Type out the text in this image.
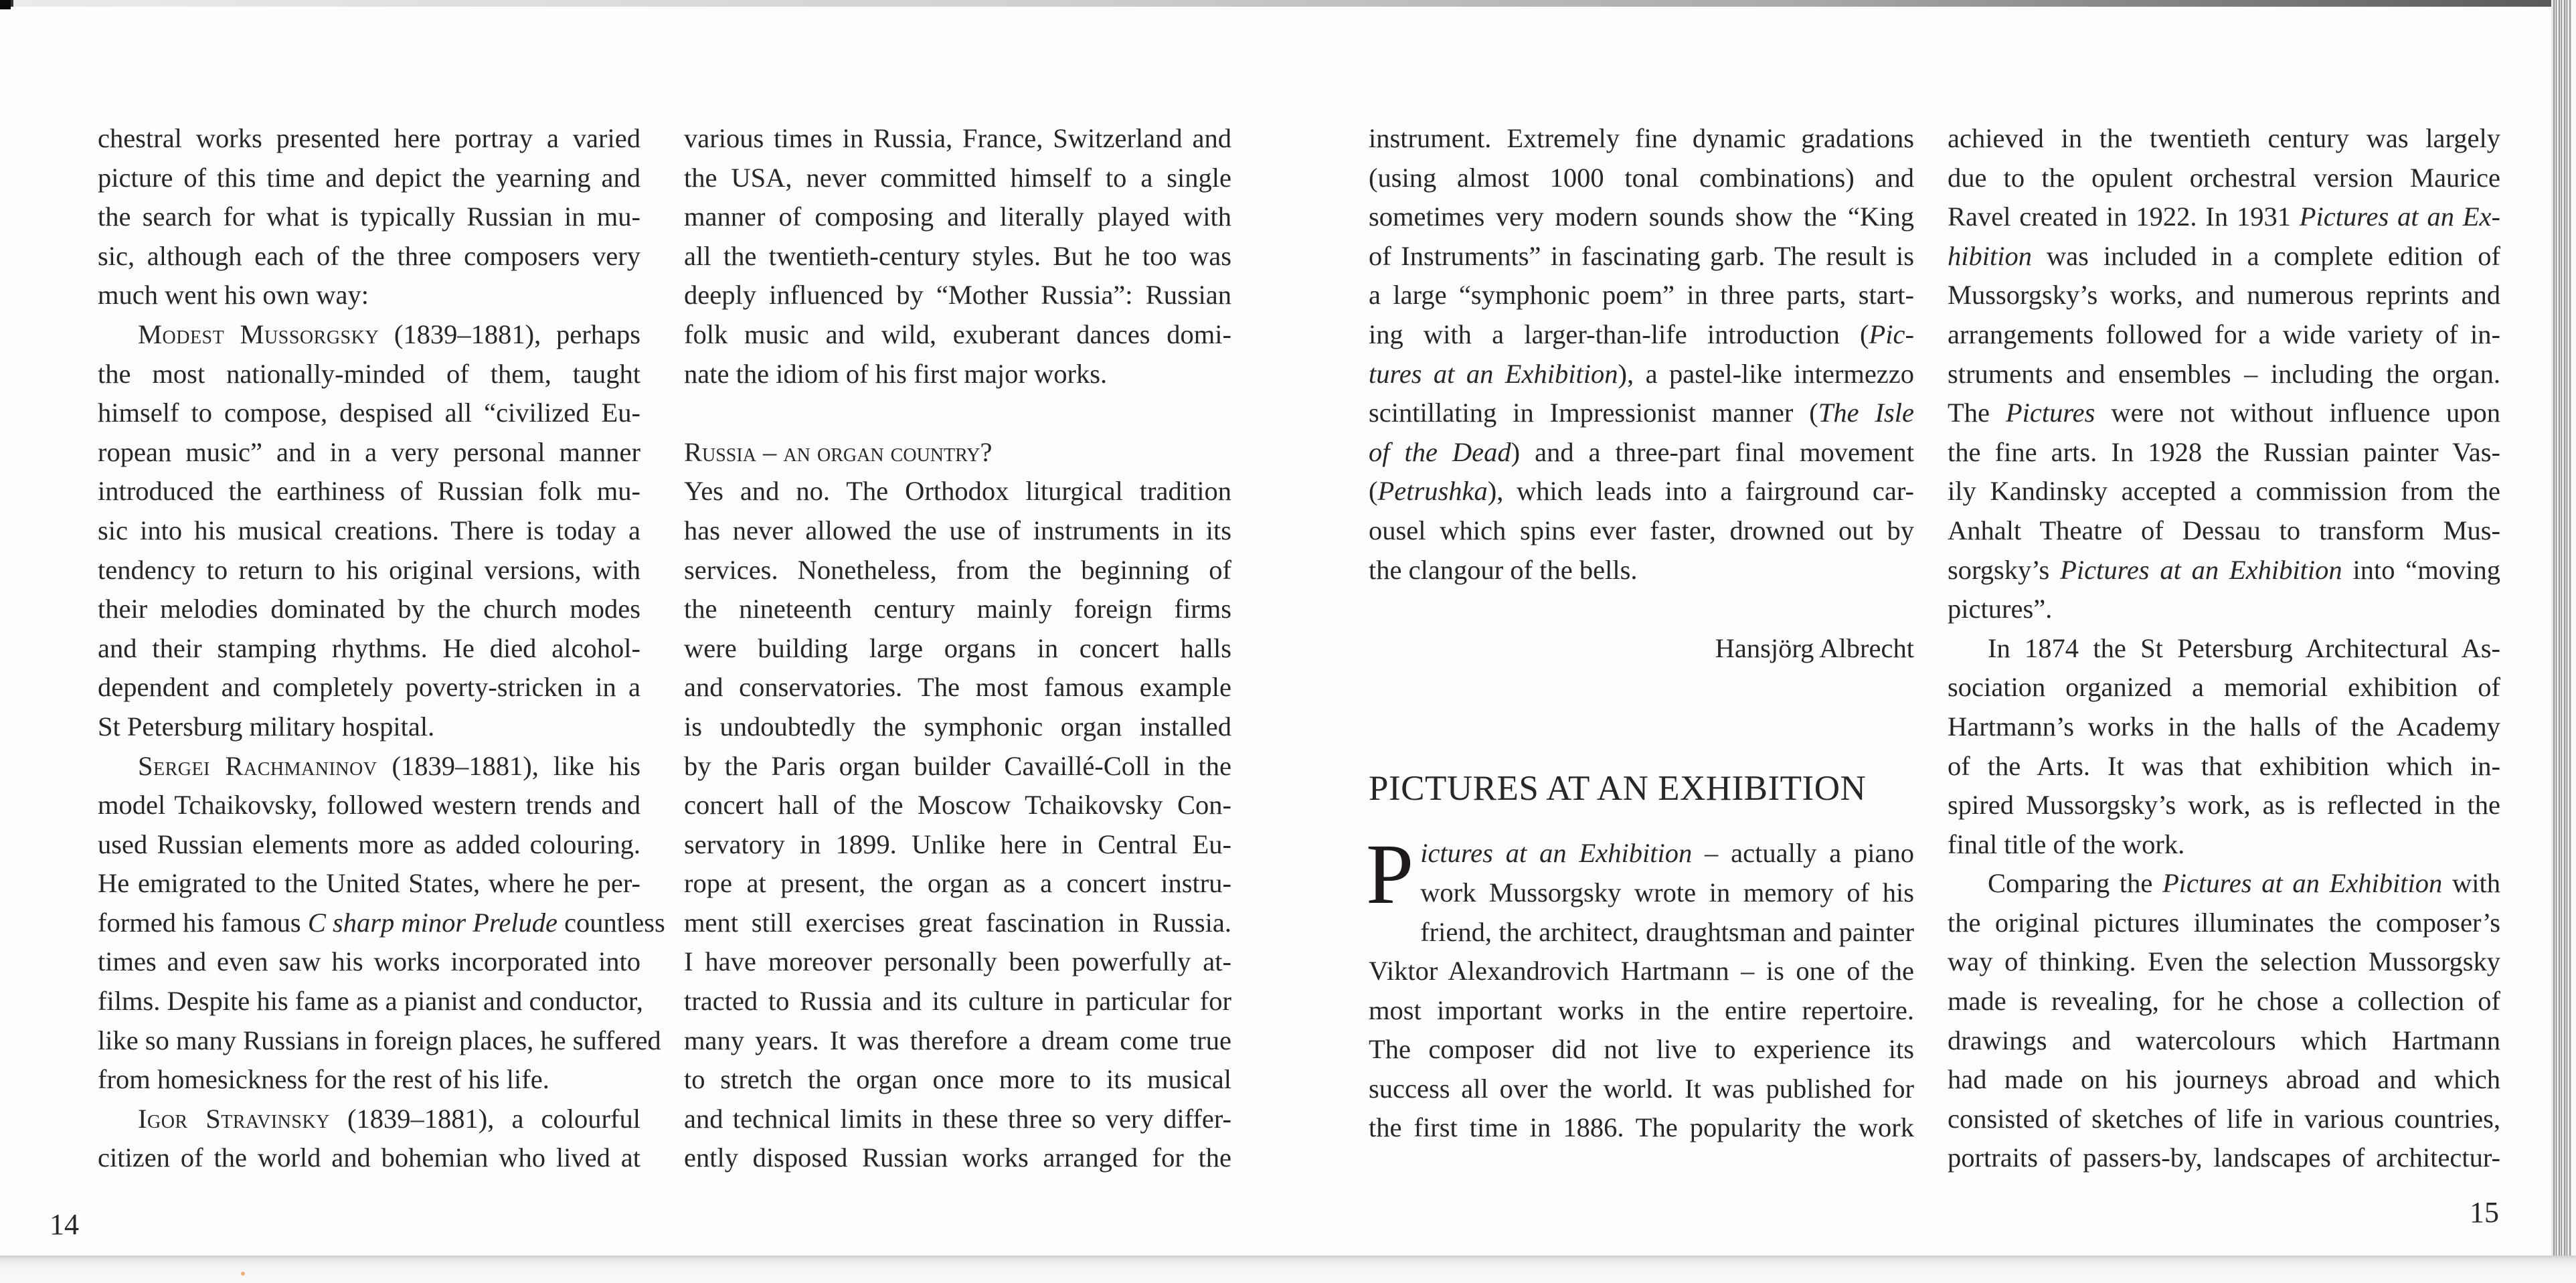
chestral works presented here portray a varied
picture of this time and depict the yearning and
the search for what is typically Russian in mu-
sic, although each of the three composers very
much went his own way:
Modest Mussorgsky (1839–1881), perhaps
the most nationally-minded of them, taught
himself to compose, despised all “civilized Eu-
ropean music” and in a very personal manner
introduced the earthiness of Russian folk mu-
sic into his musical creations. There is today a
tendency to return to his original versions, with
their melodies dominated by the church modes
and their stamping rhythms. He died alcohol-
dependent and completely poverty-stricken in a
St Petersburg military hospital.
Sergei Rachmaninov (1839–1881), like his
model Tchaikovsky, followed western trends and
used Russian elements more as added colouring.
He emigrated to the United States, where he per-
formed his famous C sharp minor Prelude countless
times and even saw his works incorporated into
films. Despite his fame as a pianist and conductor,
like so many Russians in foreign places, he suffered
from homesickness for the rest of his life.
Igor Stravinsky (1839–1881), a colourful
citizen of the world and bohemian who lived at
various times in Russia, France, Switzerland and
the USA, never committed himself to a single
manner of composing and literally played with
all the twentieth-century styles. But he too was
deeply influenced by “Mother Russia”: Russian
folk music and wild, exuberant dances domi-
nate the idiom of his first major works.
Russia – an organ country?
Yes and no. The Orthodox liturgical tradition
has never allowed the use of instruments in its
services. Nonetheless, from the beginning of
the nineteenth century mainly foreign firms
were building large organs in concert halls
and conservatories. The most famous example
is undoubtedly the symphonic organ installed
by the Paris organ builder Cavaillé-Coll in the
concert hall of the Moscow Tchaikovsky Con-
servatory in 1899. Unlike here in Central Eu-
rope at present, the organ as a concert instru-
ment still exercises great fascination in Russia.
I have moreover personally been powerfully at-
tracted to Russia and its culture in particular for
many years. It was therefore a dream come true
to stretch the organ once more to its musical
and technical limits in these three so very differ-
ently disposed Russian works arranged for the
instrument. Extremely fine dynamic gradations
(using almost 1000 tonal combinations) and
sometimes very modern sounds show the “King
of Instruments” in fascinating garb. The result is
a large “symphonic poem” in three parts, start-
ing with a larger-than-life introduction (Pic-
tures at an Exhibition), a pastel-like intermezzo
scintillating in Impressionist manner (The Isle
of the Dead) and a three-part final movement
(Petrushka), which leads into a fairground car-
ousel which spins ever faster, drowned out by
the clangour of the bells.
Hansjörg Albrecht
PICTURES AT AN EXHIBITION
P ictures at an Exhibition – actually a piano
work Mussorgsky wrote in memory of his
friend, the architect, draughtsman and painter
Viktor Alexandrovich Hartmann – is one of the
most important works in the entire repertoire.
The composer did not live to experience its
success all over the world. It was published for
the first time in 1886. The popularity the work
achieved in the twentieth century was largely
due to the opulent orchestral version Maurice
Ravel created in 1922. In 1931 Pictures at an Ex-
hibition was included in a complete edition of
Mussorgsky’s works, and numerous reprints and
arrangements followed for a wide variety of in-
struments and ensembles – including the organ.
The Pictures were not without influence upon
the fine arts. In 1928 the Russian painter Vas-
ily Kandinsky accepted a commission from the
Anhalt Theatre of Dessau to transform Mus-
sorgsky’s Pictures at an Exhibition into “moving
pictures”.
In 1874 the St Petersburg Architectural As-
sociation organized a memorial exhibition of
Hartmann’s works in the halls of the Academy
of the Arts. It was that exhibition which in-
spired Mussorgsky’s work, as is reflected in the
final title of the work.
Comparing the Pictures at an Exhibition with
the original pictures illuminates the composer’s
way of thinking. Even the selection Mussorgsky
made is revealing, for he chose a collection of
drawings and watercolours which Hartmann
had made on his journeys abroad and which
consisted of sketches of life in various countries,
portraits of passers-by, landscapes of architectur-
14	15
